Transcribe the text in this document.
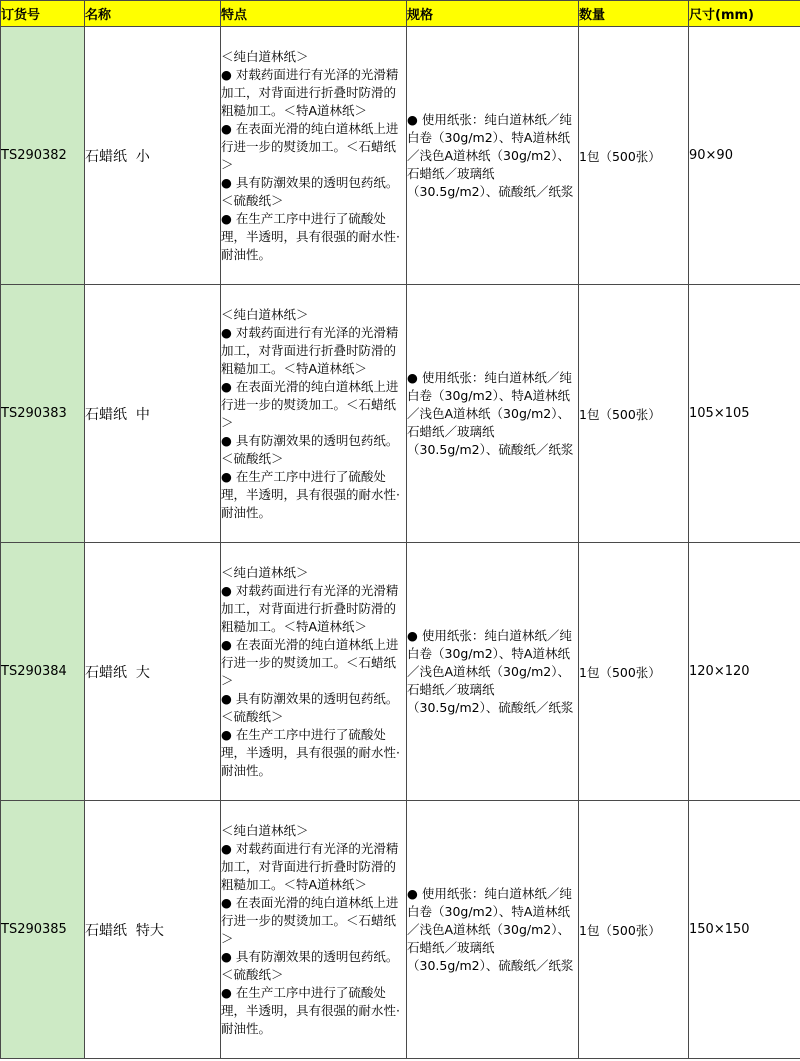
订货号	名称	特点	规格	数量	尺寸(mm)
TS290382	石蜡纸  小	＜纯白道林纸＞
● 对载药面进行有光泽的光滑精加工，对背面进行折叠时防滑的粗糙加工。＜特A道林纸＞
● 在表面光滑的纯白道林纸上进行进一步的熨烫加工。＜石蜡纸＞
● 具有防潮效果的透明包药纸。＜硫酸纸＞
● 在生产工序中进行了硫酸处理，半透明，具有很强的耐水性·耐油性。	● 使用纸张：纯白道林纸／纯白卷（30g/m2）、特A道林纸／浅色A道林纸（30g/m2）、石蜡纸／玻璃纸（30.5g/m2）、硫酸纸／纸浆	1包（500张）	90×90
TS290383	石蜡纸  中	＜纯白道林纸＞
● 对载药面进行有光泽的光滑精加工，对背面进行折叠时防滑的粗糙加工。＜特A道林纸＞
● 在表面光滑的纯白道林纸上进行进一步的熨烫加工。＜石蜡纸＞
● 具有防潮效果的透明包药纸。＜硫酸纸＞
● 在生产工序中进行了硫酸处理，半透明，具有很强的耐水性·耐油性。	● 使用纸张：纯白道林纸／纯白卷（30g/m2）、特A道林纸／浅色A道林纸（30g/m2）、石蜡纸／玻璃纸（30.5g/m2）、硫酸纸／纸浆	1包（500张）	105×105
TS290384	石蜡纸  大	＜纯白道林纸＞
● 对载药面进行有光泽的光滑精加工，对背面进行折叠时防滑的粗糙加工。＜特A道林纸＞
● 在表面光滑的纯白道林纸上进行进一步的熨烫加工。＜石蜡纸＞
● 具有防潮效果的透明包药纸。＜硫酸纸＞
● 在生产工序中进行了硫酸处理，半透明，具有很强的耐水性·耐油性。	● 使用纸张：纯白道林纸／纯白卷（30g/m2）、特A道林纸／浅色A道林纸（30g/m2）、石蜡纸／玻璃纸（30.5g/m2）、硫酸纸／纸浆	1包（500张）	120×120
TS290385	石蜡纸  特大	＜纯白道林纸＞
● 对载药面进行有光泽的光滑精加工，对背面进行折叠时防滑的粗糙加工。＜特A道林纸＞
● 在表面光滑的纯白道林纸上进行进一步的熨烫加工。＜石蜡纸＞
● 具有防潮效果的透明包药纸。＜硫酸纸＞
● 在生产工序中进行了硫酸处理，半透明，具有很强的耐水性·耐油性。	● 使用纸张：纯白道林纸／纯白卷（30g/m2）、特A道林纸／浅色A道林纸（30g/m2）、石蜡纸／玻璃纸（30.5g/m2）、硫酸纸／纸浆	1包（500张）	150×150
